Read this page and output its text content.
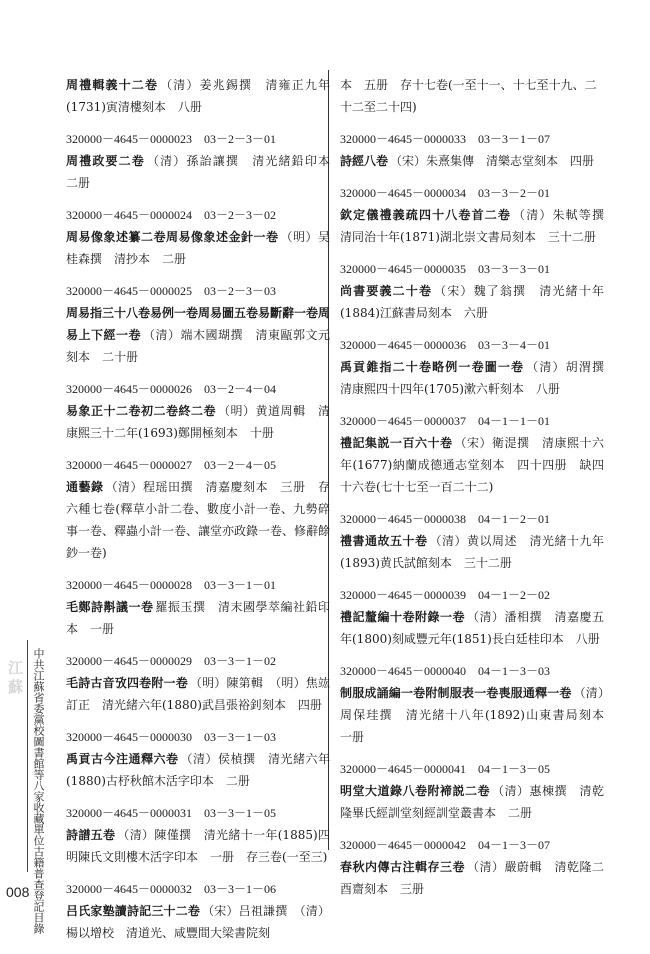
周禮輯義十二卷 （清）姜兆錫撰　清雍正九年(1731)寅清樓刻本　八册
320000－4645－0000023　03－2－3－01
周禮政要二卷 （清）孫詒讓撰　清光緒鉛印本　二册
320000－4645－0000024　03－2－3－02
周易像象述纂二卷周易像象述金針一卷 （明）吴桂森撰　清抄本　二册
320000－4645－0000025　03－2－3－03
周易指三十八卷易例一卷周易圖五卷易斷辭一卷周易上下經一卷 （清）端木國瑚撰　清東甌郭文元刻本　二十册
320000－4645－0000026　03－2－4－04
易象正十二卷初二卷終二卷 （明）黄道周輯　清康熙三十二年(1693)鄭開極刻本　十册
320000－4645－0000027　03－2－4－05
通藝錄 （清）程瑶田撰　清嘉慶刻本　三册　存六種七卷(釋草小計二卷、數度小計一卷、九勢碎事一卷、釋蟲小計一卷、讓堂亦政錄一卷、修辭餘鈔一卷)
320000－4645－0000028　03－3－1－01
毛鄭詩斠議一卷 羅振玉撰　清末國學萃編社鉛印本　一册
320000－4645－0000029　03－3－1－02
毛詩古音攷四卷附一卷 （明）陳第輯　（明）焦竑訂正　清光緒六年(1880)武昌張裕釗刻本　四册
320000－4645－0000030　03－3－1－03
禹貢古今注通釋六卷 （清）侯楨撰　清光緒六年(1880)古杼秋館木活字印本　二册
320000－4645－0000031　03－3－1－05
詩譜五卷 （清）陳僅撰　清光緒十一年(1885)四明陳氏文則樓木活字印本　一册　存三卷(一至三)
320000－4645－0000032　03－3－1－06
吕氏家塾讀詩記三十二卷 （宋）吕祖謙撰　（清）楊以增校　清道光、咸豐間大梁書院刻
本　五册　存十七卷(一至十一、十七至十九、二十二至二十四)
320000－4645－0000033　03－3－1－07
詩經八卷 （宋）朱熹集傳　清樂志堂刻本　四册
320000－4645－0000034　03－3－2－01
欽定儀禮義疏四十八卷首二卷 （清）朱軾等撰　清同治十年(1871)湖北崇文書局刻本　三十二册
320000－4645－0000035　03－3－3－01
尚書要義二十卷 （宋）魏了翁撰　清光緒十年(1884)江蘇書局刻本　六册
320000－4645－0000036　03－3－4－01
禹貢錐指二十卷略例一卷圖一卷 （清）胡渭撰　清康熙四十四年(1705)漱六軒刻本　八册
320000－4645－0000037　04－1－1－01
禮記集説一百六十卷 （宋）衛湜撰　清康熙十六年(1677)納蘭成德通志堂刻本　四十四册　缺四十六卷(七十七至一百二十二)
320000－4645－0000038　04－1－2－01
禮書通故五十卷 （清）黄以周述　清光緒十九年(1893)黄氏試館刻本　三十二册
320000－4645－0000039　04－1－2－02
禮記釐編十卷附錄一卷 （清）潘相撰　清嘉慶五年(1800)刻咸豐元年(1851)長白廷桂印本　八册
320000－4645－0000040　04－1－3－03
制服成誦編一卷附制服表一卷喪服通釋一卷 （清）周保珪撰　清光緒十八年(1892)山東書局刻本　一册
320000－4645－0000041　04－1－3－05
明堂大道錄八卷附褅説二卷 （清）惠棟撰　清乾隆畢氏經訓堂刻經訓堂叢書本　二册
320000－4645－0000042　04－1－3－07
春秋内傳古注輯存三卷 （清）嚴蔚輯　清乾隆二酉齋刻本　三册
江蘇 中共江蘇省委黨校圖書館等八家收藏單位古籍普查登記目錄
008
